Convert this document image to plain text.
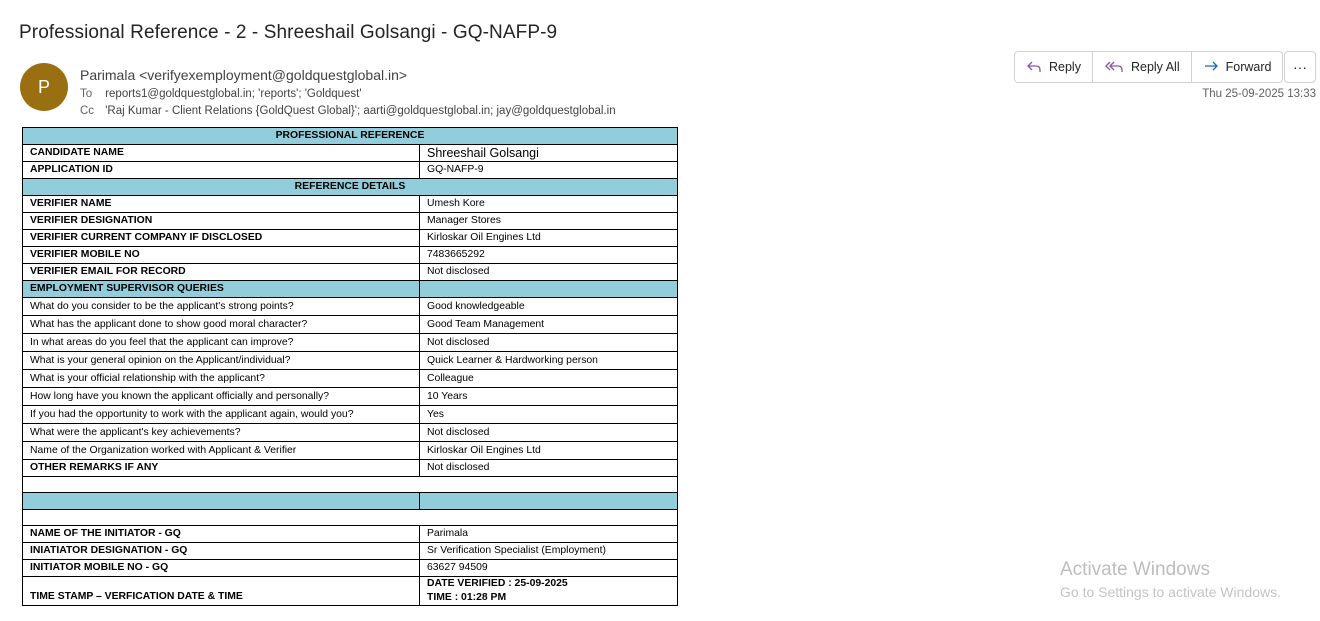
Professional Reference - 2 - Shreeshail Golsangi - GQ-NAFP-9
P
Parimala <verifyexemployment@goldquestglobal.in>
To reports1@goldquestglobal.in; 'reports'; 'Goldquest'
Cc 'Raj Kumar - Client Relations {GoldQuest Global}'; aarti@goldquestglobal.in; jay@goldquestglobal.in
Reply	Reply All	Forward ···
Thu 25-09-2025 13:33
PROFESSIONAL REFERENCE	
CANDIDATE NAME	Shreeshail Golsangi
APPLICATION ID	GQ-NAFP-9
REFERENCE DETAILS	
VERIFIER NAME	Umesh Kore
VERIFIER DESIGNATION	Manager Stores
VERIFIER CURRENT COMPANY IF DISCLOSED	Kirloskar Oil Engines Ltd
VERIFIER MOBILE NO	7483665292
VERIFIER EMAIL FOR RECORD	Not disclosed
EMPLOYMENT SUPERVISOR QUERIES	
What do you consider to be the applicant's strong points?	Good knowledgeable
What has the applicant done to show good moral character?	Good Team Management
In what areas do you feel that the applicant can improve?	Not disclosed
What is your general opinion on the Applicant/individual?	Quick Learner & Hardworking person
What is your official relationship with the applicant?	Colleague
How long have you known the applicant officially and personally?	10 Years
If you had the opportunity to work with the applicant again, would you?	Yes
What were the applicant's key achievements?	Not disclosed
Name of the Organization worked with Applicant & Verifier	Kirloskar Oil Engines Ltd
OTHER REMARKS IF ANY	Not disclosed

NAME OF THE INITIATOR - GQ	Parimala
INIATIATOR DESIGNATION - GQ	Sr Verification Specialist (Employment)
INITIATOR MOBILE NO - GQ	63627 94509
TIME STAMP – VERFICATION DATE & TIME	DATE VERIFIED : 25-09-2025
TIME : 01:28 PM
Activate Windows
Go to Settings to activate Windows.
